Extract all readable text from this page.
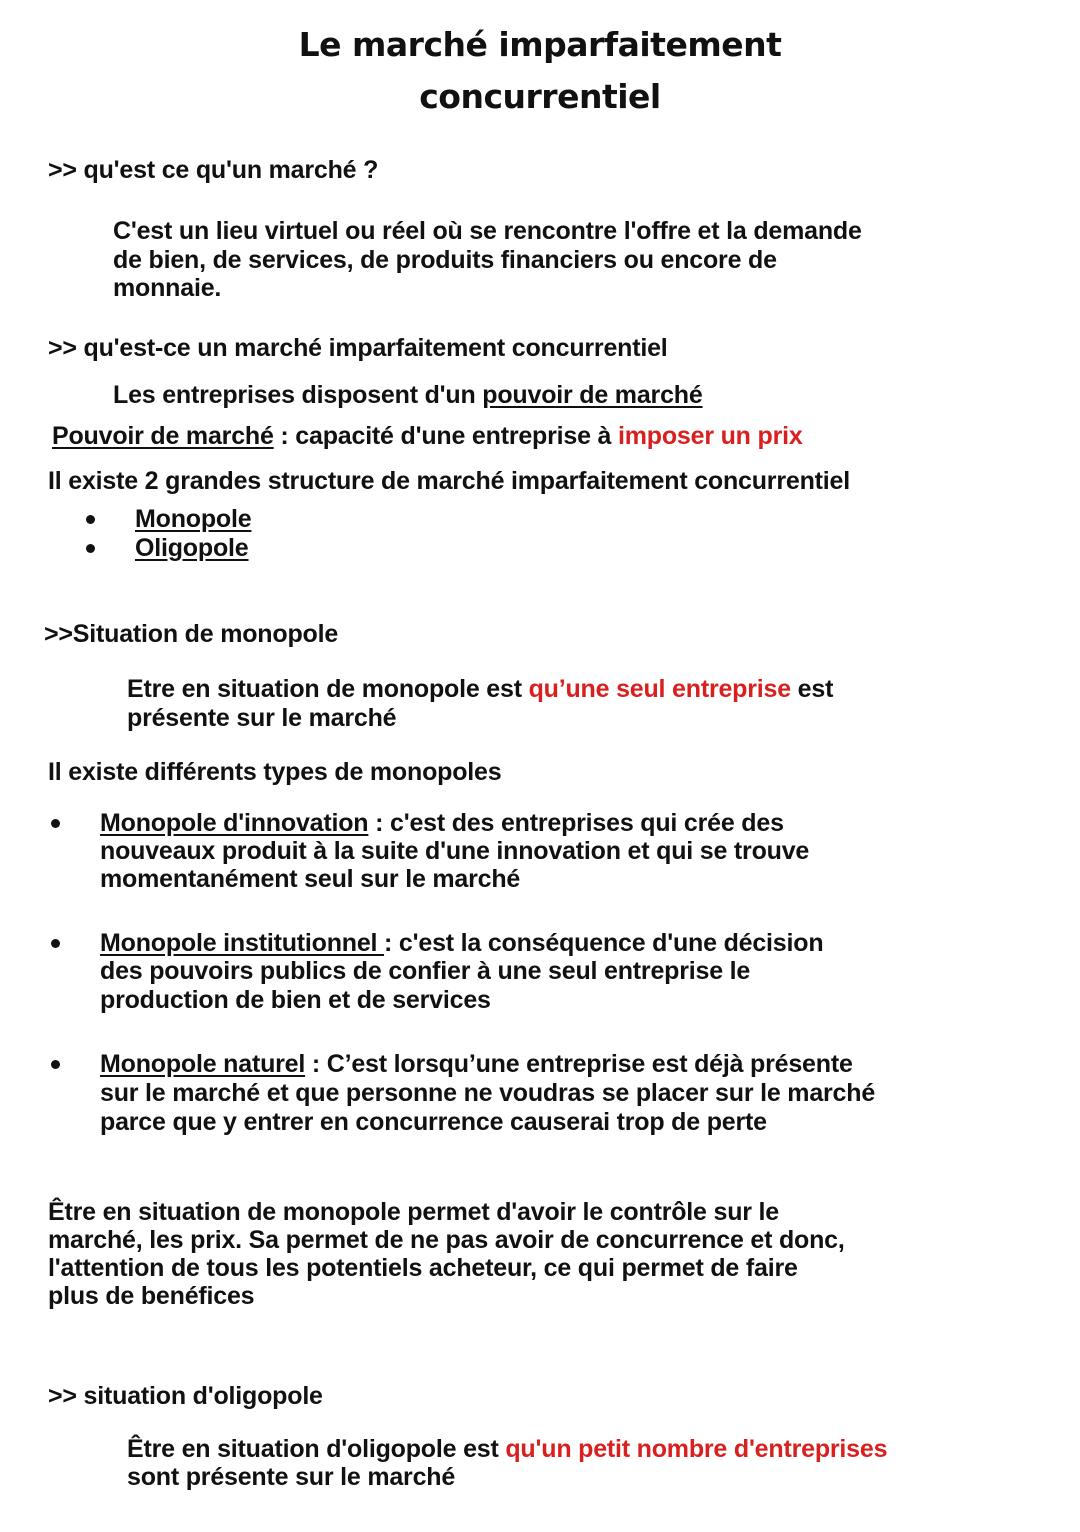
Le marché imparfaitement
concurrentiel
>> qu'est ce qu'un marché ?
C'est un lieu virtuel ou réel où se rencontre l'offre et la demande
de bien, de services, de produits financiers ou encore de
monnaie.
>> qu'est-ce un marché imparfaitement concurrentiel
Les entreprises disposent d'un pouvoir de marché
Pouvoir de marché : capacité d'une entreprise à imposer un prix
Il existe 2 grandes structure de marché imparfaitement concurrentiel
Monopole
Oligopole
>>Situation de monopole
Etre en situation de monopole est qu’une seul entreprise est
présente sur le marché
Il existe différents types de monopoles
Monopole d'innovation : c'est des entreprises qui crée des
nouveaux produit à la suite d'une innovation et qui se trouve
momentanément seul sur le marché
Monopole institutionnel : c'est la conséquence d'une décision
des pouvoirs publics de confier à une seul entreprise le
production de bien et de services
Monopole naturel : C’est lorsqu’une entreprise est déjà présente
sur le marché et que personne ne voudras se placer sur le marché
parce que y entrer en concurrence causerai trop de perte
Être en situation de monopole permet d'avoir le contrôle sur le
marché, les prix. Sa permet de ne pas avoir de concurrence et donc,
l'attention de tous les potentiels acheteur, ce qui permet de faire
plus de benéfices
>> situation d'oligopole
Être en situation d'oligopole est qu'un petit nombre d'entreprises
sont présente sur le marché
